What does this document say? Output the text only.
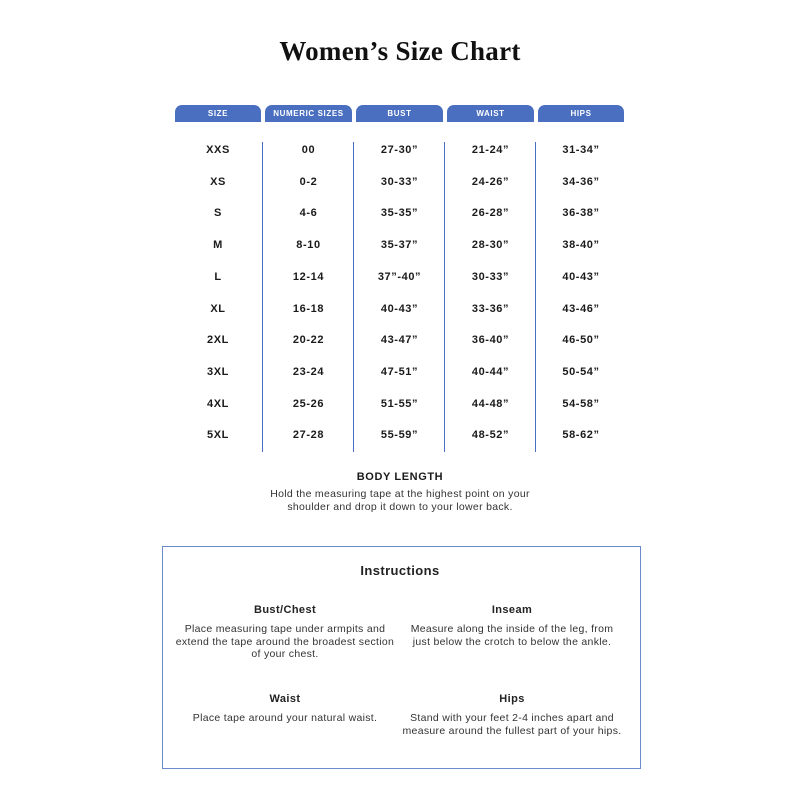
Women’s Size Chart
SIZE	NUMERIC SIZES	BUST	WAIST	HIPS
XXS	00	27-30”	21-24”	31-34”
XS	0-2	30-33”	24-26”	34-36”
S	4-6	35-35”	26-28”	36-38”
M	8-10	35-37”	28-30”	38-40”
L	12-14	37”-40”	30-33”	40-43”
XL	16-18	40-43”	33-36”	43-46”
2XL	20-22	43-47”	36-40”	46-50”
3XL	23-24	47-51”	40-44”	50-54”
4XL	25-26	51-55”	44-48”	54-58”
5XL	27-28	55-59”	48-52”	58-62”
BODY LENGTH
Hold the measuring tape at the highest point on your shoulder and drop it down to your lower back.
Instructions
Bust/Chest
Place measuring tape under armpits and extend the tape around the broadest section of your chest.
Inseam
Measure along the inside of the leg, from just below the crotch to below the ankle.
Waist
Place tape around your natural waist.
Hips
Stand with your feet 2-4 inches apart and measure around the fullest part of your hips.
